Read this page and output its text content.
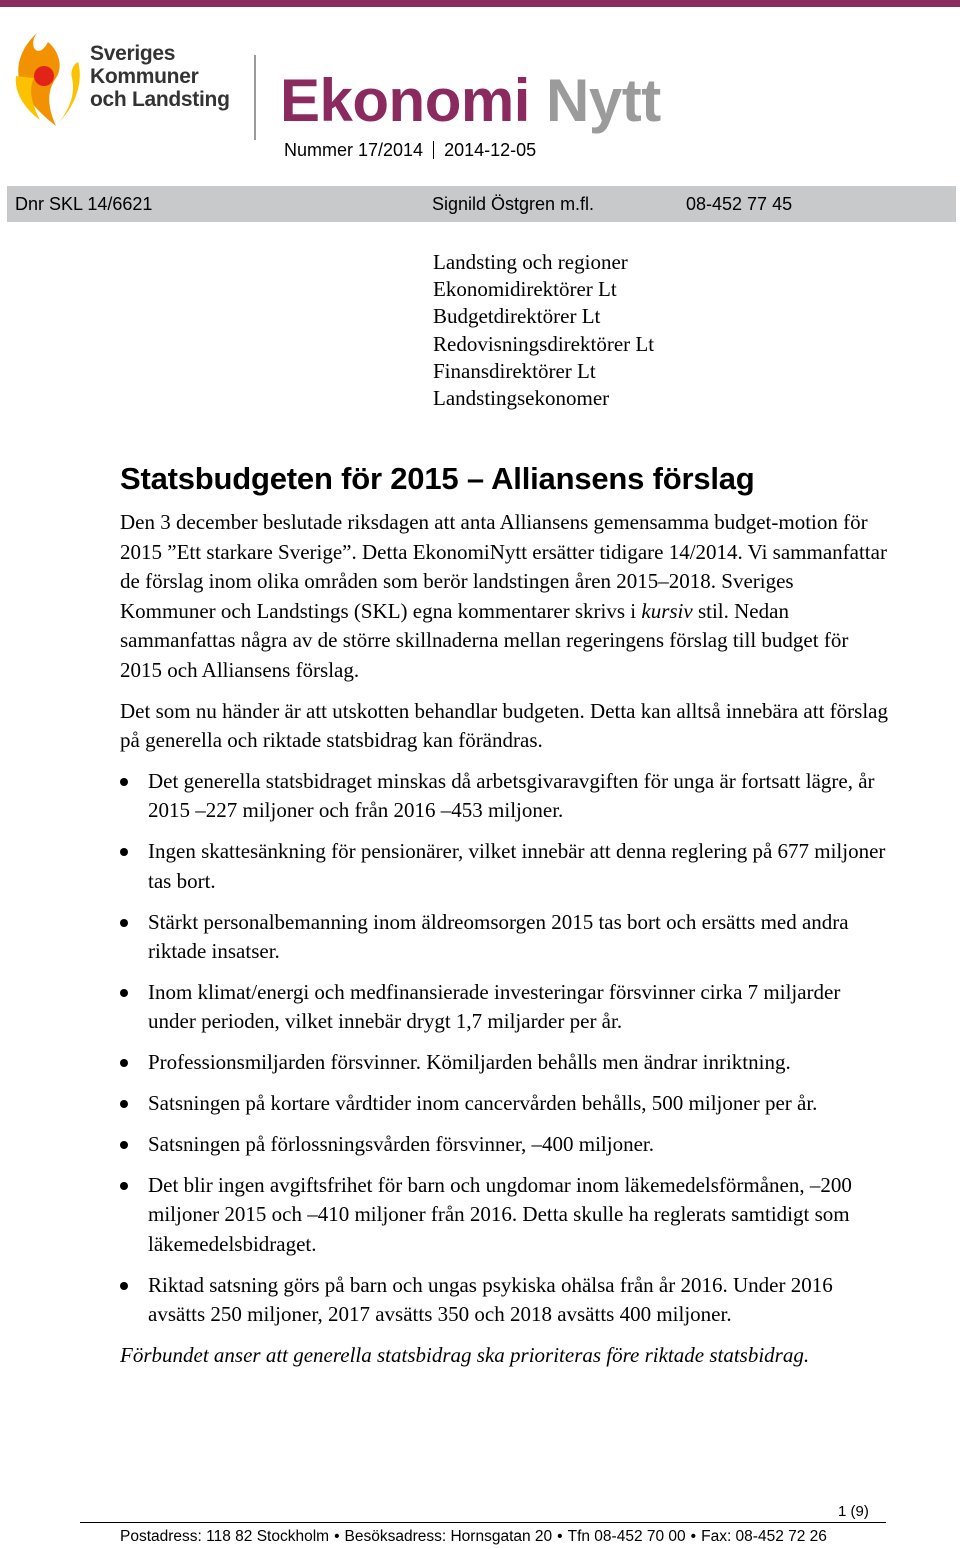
Sveriges
Kommuner
och Landsting Ekonomi Nytt
Nummer 17/2014 2014-12-05
Dnr SKL 14/6621	Signild Östgren m.fl.	08-452 77 45
Landsting och regioner
Ekonomidirektörer Lt
Budgetdirektörer Lt
Redovisningsdirektörer Lt
Finansdirektörer Lt
Landstingsekonomer
Statsbudgeten för 2015 – Alliansens förslag

Den 3 december beslutade riksdagen att anta Alliansens gemensamma budget-motion för 2015 ”Ett starkare Sverige”. Detta EkonomiNytt ersätter tidigare 14/2014. Vi sammanfattar de förslag inom olika områden som berör landstingen åren 2015–2018. Sveriges Kommuner och Landstings (SKL) egna kommentarer skrivs i kursiv stil. Nedan sammanfattas några av de större skillnaderna mellan regeringens förslag till budget för 2015 och Alliansens förslag.

Det som nu händer är att utskotten behandlar budgeten. Detta kan alltså innebära att förslag på generella och riktade statsbidrag kan förändras.

Det generella statsbidraget minskas då arbetsgivaravgiften för unga är fortsatt lägre, år 2015 –227 miljoner och från 2016 –453 miljoner.
Ingen skattesänkning för pensionärer, vilket innebär att denna reglering på 677 miljoner tas bort.
Stärkt personalbemanning inom äldreomsorgen 2015 tas bort och ersätts med andra riktade insatser.
Inom klimat/energi och medfinansierade investeringar försvinner cirka 7 miljarder under perioden, vilket innebär drygt 1,7 miljarder per år.
Professionsmiljarden försvinner. Kömiljarden behålls men ändrar inriktning.
Satsningen på kortare vårdtider inom cancervården behålls, 500 miljoner per år.
Satsningen på förlossningsvården försvinner, –400 miljoner.
Det blir ingen avgiftsfrihet för barn och ungdomar inom läkemedelsförmånen, –200 miljoner 2015 och –410 miljoner från 2016. Detta skulle ha reglerats samtidigt som läkemedelsbidraget.
Riktad satsning görs på barn och ungas psykiska ohälsa från år 2016. Under 2016 avsätts 250 miljoner, 2017 avsätts 350 och 2018 avsätts 400 miljoner.

Förbundet anser att generella statsbidrag ska prioriteras före riktade statsbidrag.

1 (9)
Postadress: 118 82 Stockholm • Besöksadress: Hornsgatan 20 • Tfn 08-452 70 00 • Fax: 08-452 72 26
